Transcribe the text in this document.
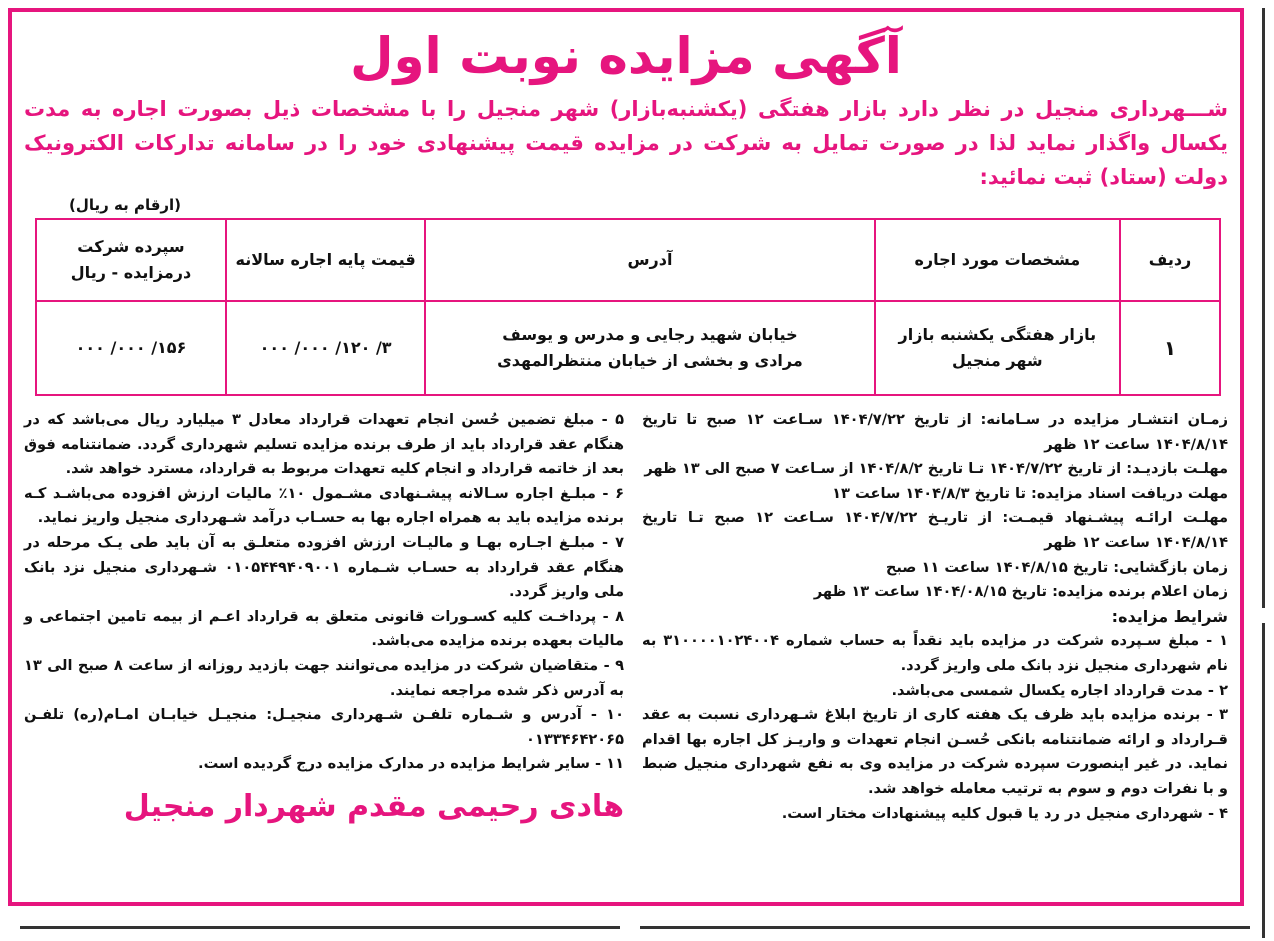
آگهی مزایده نوبت اول
شـــهرداری منجیل در نظر دارد بازار هفتگی (یکشنبه‌بازار) شهر منجیل را با مشخصات ذیل بصورت اجاره به مدت یکسال واگذار نماید لذا در صورت تمایل به شرکت در مزایده قیمت پیشنهادی خود را در سامانه تدارکات الکترونیک دولت (ستاد) ثبت نمائید:
(ارقام به ریال)
ردیف	مشخصات مورد اجاره	آدرس	قیمت پایه اجاره سالانه	سپرده شرکت درمزایده - ریال
۱	بازار هفتگی یکشنبه بازار شهر منجیل	خیابان شهید رجایی و مدرس و یوسف مرادی و بخشی از خیابان منتظرالمهدی	۰۰۰ /۰۰۰ /۱۲۰ /۳	۰۰۰ /۰۰۰ /۱۵۶

زمـان انتشـار مزایده در سـامانه: از تاریخ ۱۴۰۴/۷/۲۲ سـاعت ۱۲ صبح تا تاریخ ۱۴۰۴/۸/۱۴ ساعت ۱۲ ظهر

مهلـت بازدیـد: از تاریخ ۱۴۰۴/۷/۲۲ تـا تاریخ ۱۴۰۴/۸/۲ از سـاعت ۷ صبح الی ۱۳ ظهر

مهلت دریافت اسناد مزایده: تا تاریخ ۱۴۰۴/۸/۳ ساعت ۱۳

مهلـت ارائـه پیشـنهاد قیمـت: از تاریـخ ۱۴۰۴/۷/۲۲ سـاعت ۱۲ صبح تـا تاریخ ۱۴۰۴/۸/۱۴ ساعت ۱۲ ظهر

زمان بازگشایی: تاریخ ۱۴۰۴/۸/۱۵ ساعت ۱۱ صبح

زمان اعلام برنده مزایده: تاریخ ۱۴۰۴/۰۸/۱۵ ساعت ۱۳ ظهر

شرایط مزایده:

۱ - مبلغ سـپرده شرکت در مزایده باید نقداً به حساب شماره ۳۱۰۰۰۰۱۰۲۴۰۰۴ به نام شهرداری منجیل نزد بانک ملی واریز گردد.

۲ - مدت قرارداد اجاره یکسال شمسی می‌باشد.

۳ - برنده مزایده باید ظرف یک هفته کاری از تاریخ ابلاغ شـهرداری نسبت به عقد قـرارداد و ارائه ضمانتنامه بانکی حُسـن انجام تعهدات و واریـز کل اجاره بها اقدام نماید. در غیر اینصورت سپرده شرکت در مزایده وی به نفع شهرداری منجیل ضبط و با نفرات دوم و سوم به ترتیب معامله خواهد شد.

۴ - شهرداری منجیل در رد یا قبول کلیه پیشنهادات مختار است.

۵ - مبلغ تضمین حُسن انجام تعهدات قرارداد معادل ۳ میلیارد ریال می‌باشد که در هنگام عقد قرارداد باید از طرف برنده مزایده تسلیم شهرداری گردد. ضمانتنامه فوق بعد از خاتمه قرارداد و انجام کلیه تعهدات مربوط به قرارداد، مسترد خواهد شد.

۶ - مبلـغ اجاره سـالانه پیشـنهادی مشـمول ۱۰٪ مالیات ارزش افزوده می‌باشـد کـه برنده مزایده باید به همراه اجاره بها به حسـاب درآمد شـهرداری منجیل واریز نماید.

۷ - مبلـغ اجـاره بهـا و مالیـات ارزش افزوده متعلـق به آن باید طی یـک مرحله در هنگام عقد قرارداد به حسـاب شـماره ۰۱۰۵۴۴۹۴۰۹۰۰۱ شـهرداری منجیل نزد بانک ملی واریز گردد.

۸ - پرداخـت کلیه کسـورات قانونی متعلق به قرارداد اعـم از بیمه تامین اجتماعی و مالیات بعهده برنده مزایده می‌باشد.

۹ - متقاضیان شرکت در مزایده می‌توانند جهت بازدید روزانه از ساعت ۸ صبح الی ۱۳ به آدرس ذکر شده مراجعه نمایند.

۱۰ - آدرس و شـماره تلفـن شـهرداری منجیـل: منجیـل خیابـان امـام(ره) تلفـن ۰۱۳۳۴۶۴۲۰۶۵

۱۱ - سایر شرایط مزایده در مدارک مزایده درج گردیده است.

هادی رحیمی مقدم شهردار منجیل
